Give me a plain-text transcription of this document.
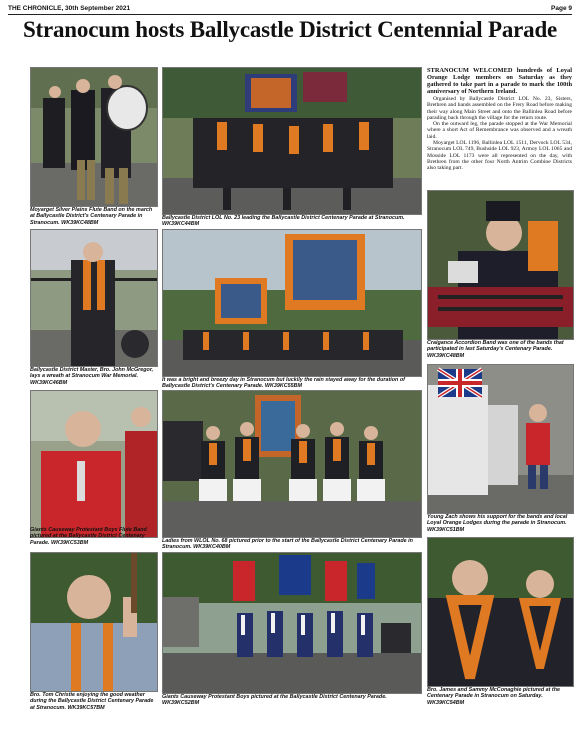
THE CHRONICLE, 30th September 2021	Page 9
Stranocum hosts Ballycastle District Centennial Parade
Moyarget Silver Plains Flute Band on the march at Ballycastle District's Centenary Parade in Stranocum. WK39KC48BM
Ballycastle District LOL No. 23 leading the Ballycastle District Centenary Parade at Stranocum. WK39KC44BM

STRANOCUM WELCOMED hundreds of Loyal Orange Lodge members on Saturday as they gathered to take part in a parade to mark the 100th anniversary of Northern Ireland.

Organised by Ballycastle District LOL No. 23, Sisters, Brethren and bands assembled on the Frery Road before making their way along Main Street and onto the Ballinlea Road before parading back through the village for the return route.

On the outward leg, the parade stopped at the War Memorial where a short Act of Remembrance was observed and a wreath laid.

Moyarget LOL 1196, Ballinlea LOL 1511, Dervock LOL 534, Stranocum LOL 749, Bushside LOL 923, Armoy LOL 1065 and Mosside LOL 1173 were all represented on the day, with Brethren from the other four North Antrim Combine Districts also taking part.

Ballycastle District Master, Bro. John McGregor, lays a wreath at Stranocum War Memorial. WK39KC46BM	It was a bright and breezy day in Stranocum but luckily the rain stayed away for the duration of Ballycastle District's Centenary Parade. WK39KC55BM
Craigance Accordion Band was one of the bands that participated in last Saturday's Centenary Parade. WK39KC48BM
Giants Causeway Protestant Boys Flute Band pictured at the Ballycastle District Centenary Parade. WK39KC53BM	Ladies from WLOL No. 68 pictured prior to the start of the Ballycastle District Centenary Parade in Stranocum. WK39KC40BM
Young Zach shows his support for the bands and local Loyal Orange Lodges during the parade in Stranocum. WK39KC51BM
Bro. Tom Christie enjoying the good weather during the Ballycastle District Centenary Parade at Stranocum. WK39KC57BM
Giants Causeway Protestant Boys pictured at the Ballycastle District Centenary Parade. WK39KC52BM
Bro. James and Sammy McConaghie pictured at the Centenary Parade in Stranocum on Saturday. WK39KC54BM
